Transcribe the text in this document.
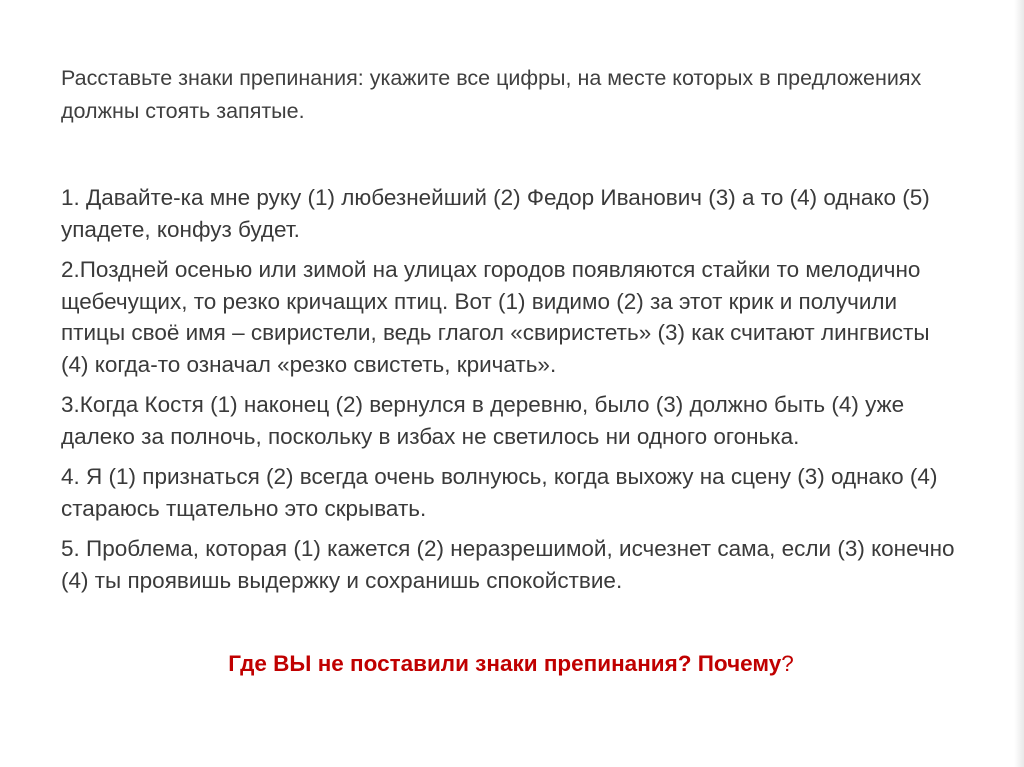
Расставьте знаки препинания: укажите все цифры, на месте которых в предложениях должны стоять запятые.

1. Давайте-ка мне руку (1) любезнейший (2) Федор Иванович (3) а то (4) однако (5) упадете, конфуз будет.
2.Поздней осенью или зимой на улицах городов появляются стайки то мелодично щебечущих, то резко кричащих птиц. Вот (1) видимо (2) за этот крик и получили птицы своё имя – свиристели, ведь глагол «свиристеть» (3) как считают лингвисты (4) когда-то означал «резко свистеть, кричать».
3.Когда Костя (1) наконец (2) вернулся в деревню, было (3) должно быть (4) уже далеко за полночь, поскольку в избах не светилось ни одного огонька.
4. Я (1) признаться (2) всегда очень волнуюсь, когда выхожу на сцену (3) однако (4) стараюсь тщательно это скрывать.
5. Проблема, которая (1) кажется (2) неразрешимой, исчезнет сама, если (3) конечно (4) ты проявишь выдержку и сохранишь спокойствие.

Где ВЫ не поставили знаки препинания? Почему?
